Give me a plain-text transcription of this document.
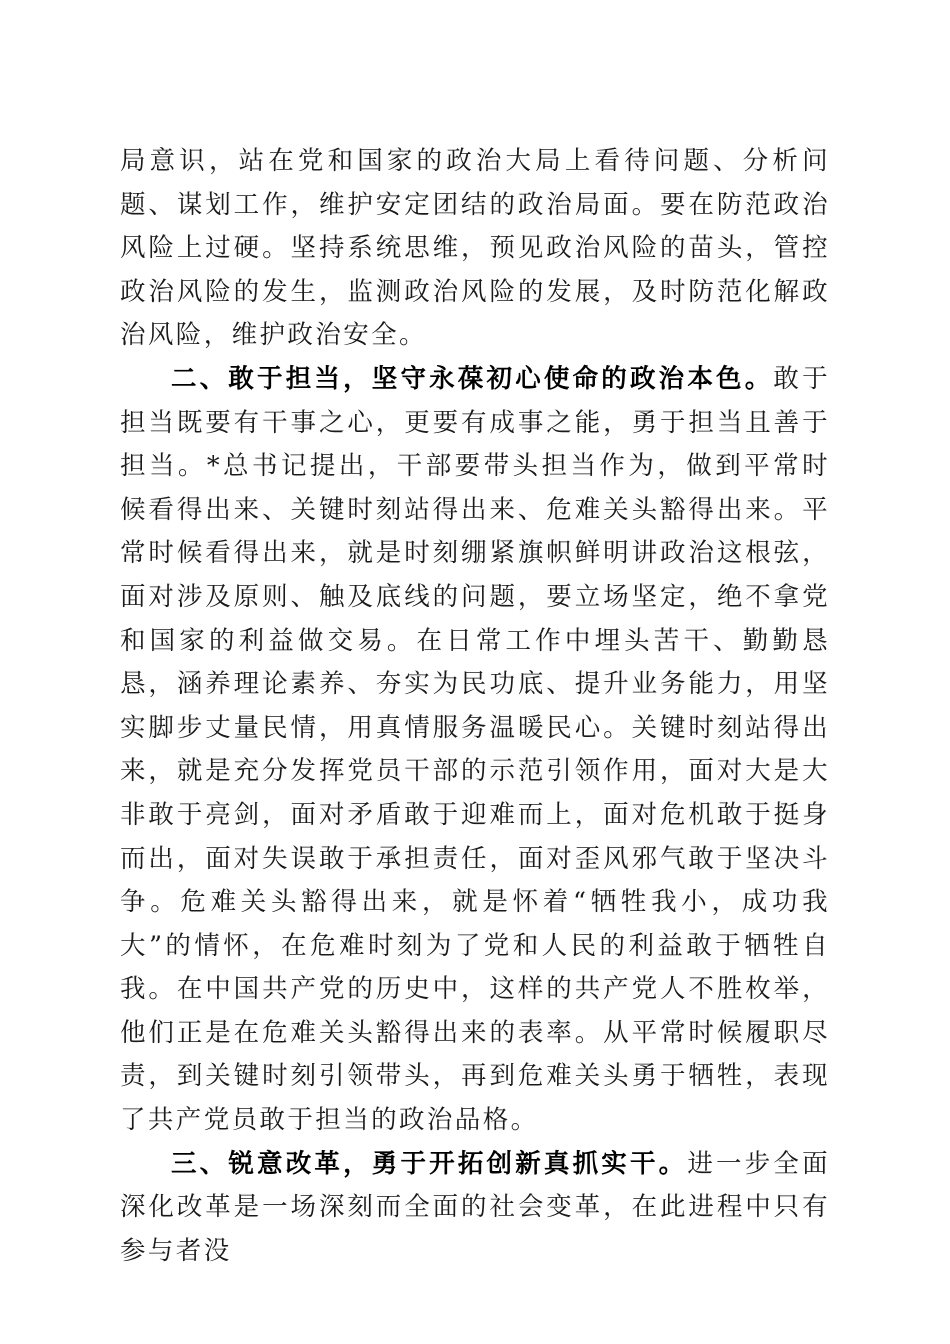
局意识，站在党和国家的政治大局上看待问题、分析问题、谋划工作，维护安定团结的政治局面。要在防范政治风险上过硬。坚持系统思维，预见政治风险的苗头，管控政治风险的发生，监测政治风险的发展，及时防范化解政治风险，维护政治安全。

二、敢于担当，坚守永葆初心使命的政治本色。敢于担当既要有干事之心，更要有成事之能，勇于担当且善于担当。*总书记提出，干部要带头担当作为，做到平常时候看得出来、关键时刻站得出来、危难关头豁得出来。平常时候看得出来，就是时刻绷紧旗帜鲜明讲政治这根弦，面对涉及原则、触及底线的问题，要立场坚定，绝不拿党和国家的利益做交易。在日常工作中埋头苦干、勤勤恳恳，涵养理论素养、夯实为民功底、提升业务能力，用坚实脚步丈量民情，用真情服务温暖民心。关键时刻站得出来，就是充分发挥党员干部的示范引领作用，面对大是大非敢于亮剑，面对矛盾敢于迎难而上，面对危机敢于挺身而出，面对失误敢于承担责任，面对歪风邪气敢于坚决斗争。危难关头豁得出来，就是怀着“牺牲我小，成功我大”的情怀，在危难时刻为了党和人民的利益敢于牺牲自我。在中国共产党的历史中，这样的共产党人不胜枚举，他们正是在危难关头豁得出来的表率。从平常时候履职尽责，到关键时刻引领带头，再到危难关头勇于牺牲，表现了共产党员敢于担当的政治品格。

三、锐意改革，勇于开拓创新真抓实干。进一步全面深化改革是一场深刻而全面的社会变革，在此进程中只有参与者没
